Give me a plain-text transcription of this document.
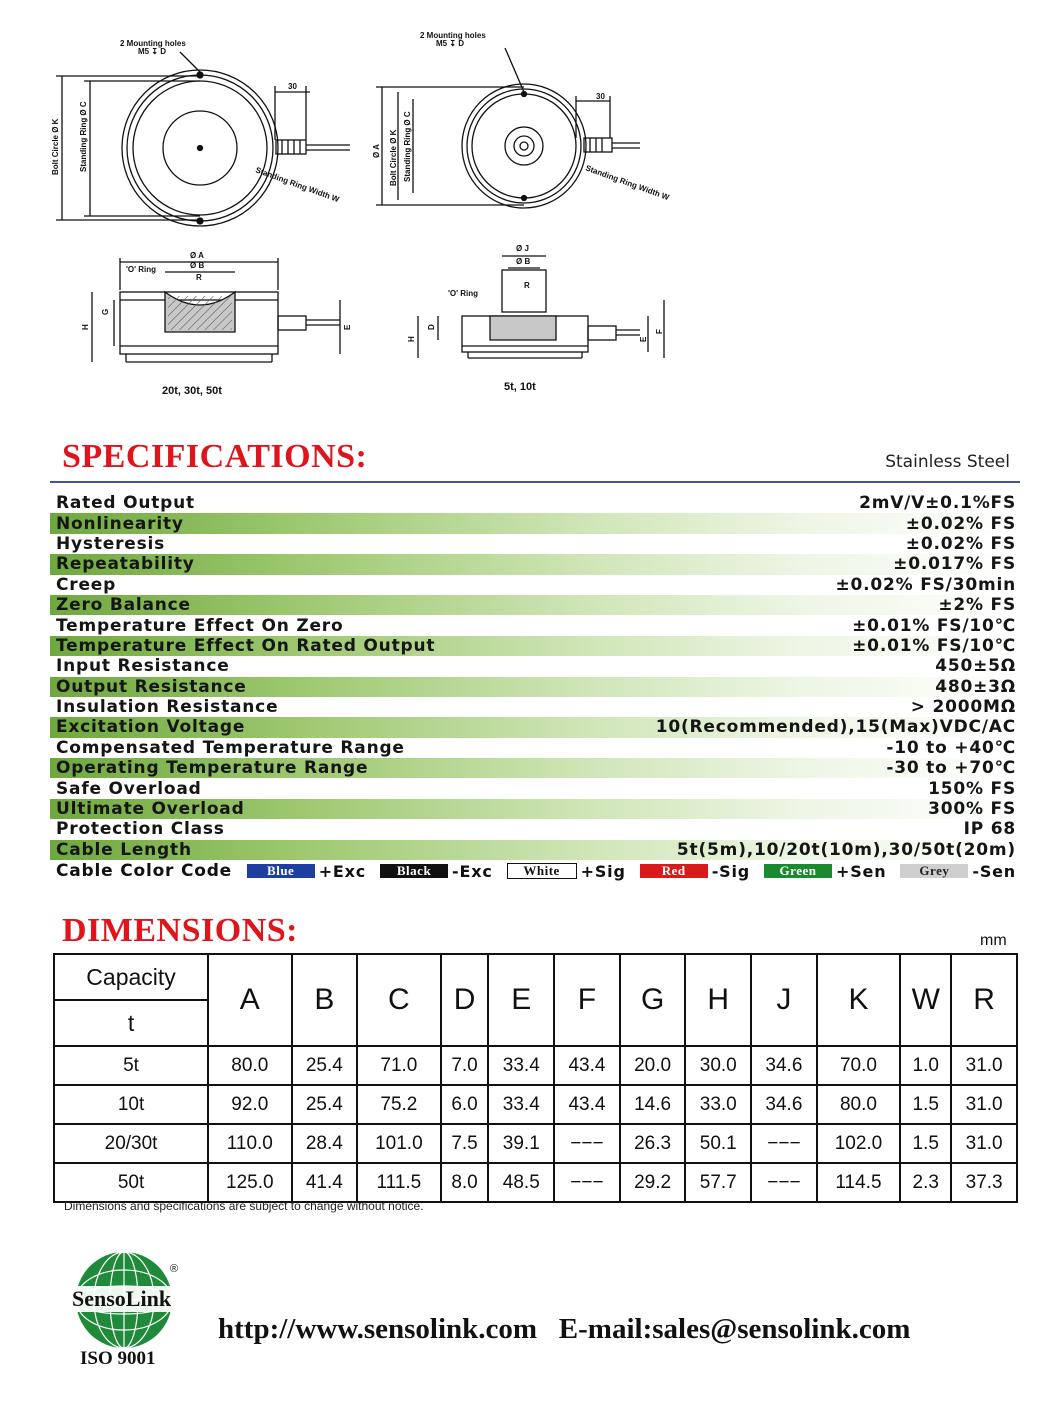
2 Mounting holes
M5 ↧ D
30
Bolt Circle Ø K Standing Ring Ø C
Standing Ring Width W
2 Mounting holes
M5 ↧ D
30
Ø A Bolt Circle Ø K Standing Ring Ø C
Standing Ring Width W
Ø A
Ø B
R
'O' Ring
H
G
E
20t, 30t, 50t
Ø J
Ø B
R
'O' Ring
H
D
E
F
5t, 10t
SPECIFICATIONS:	Stainless Steel
Rated Output	2mV/V±0.1%FS
Nonlinearity	±0.02% FS
Hysteresis	±0.02% FS
Repeatability	±0.017% FS
Creep	±0.02% FS/30min
Zero Balance	±2% FS
Temperature Effect On Zero	±0.01% FS/10℃
Temperature Effect On Rated Output	±0.01% FS/10℃
Input Resistance	450±5Ω
Output Resistance	480±3Ω
Insulation Resistance	> 2000MΩ
Excitation Voltage	10(Recommended),15(Max)VDC/AC
Compensated Temperature Range	-10 to +40℃
Operating Temperature Range	-30 to +70℃
Safe Overload	150% FS
Ultimate Overload	300% FS
Protection Class	IP 68
Cable Length	5t(5m),10/20t(10m),30/50t(20m)
Cable Color Code	Blue	+Exc	Black	-Exc	White	+Sig	Red	-Sig	Green	+Sen	Grey	-Sen
DIMENSIONS:	mm
Capacity	A	B	C	D	E	F	G	H	J	K	W	R
t												
5t	80.0	25.4	71.0	7.0	33.4	43.4	20.0	30.0	34.6	70.0	1.0	31.0
10t	92.0	25.4	75.2	6.0	33.4	43.4	14.6	33.0	34.6	80.0	1.5	31.0
20/30t	110.0	28.4	101.0	7.5	39.1	−−−	26.3	50.1	−−−	102.0	1.5	31.0
50t	125.0	41.4	111.5	8.0	48.5	−−−	29.2	57.7	−−−	114.5	2.3	37.3
Dimensions and specifications are subject to change without notice.
SensoLink
®
ISO 9001
http://www.sensolink.com E-mail:sales@sensolink.com
